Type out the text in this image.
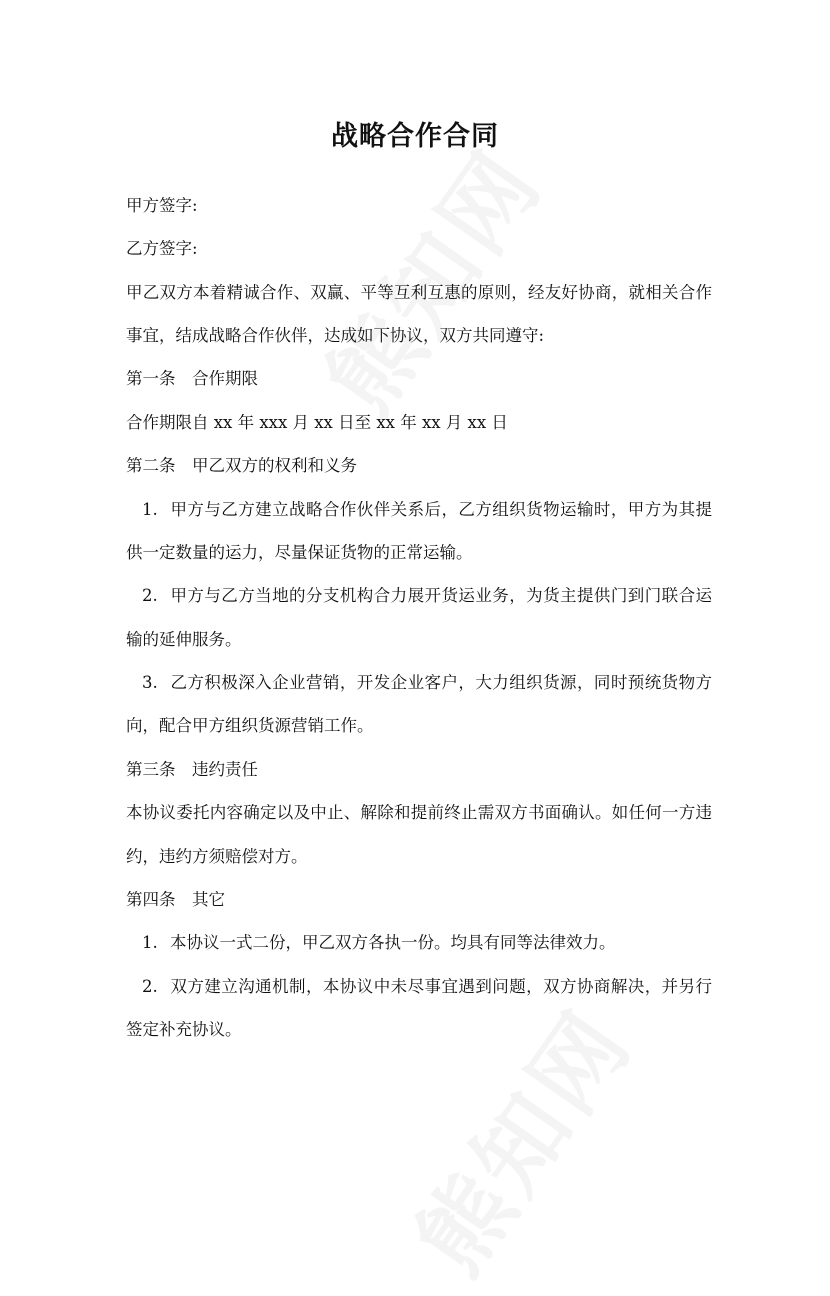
战略合作合同
甲方签字:
乙方签字:
甲乙双方本着精诚合作、双赢、平等互利互惠的原则，经友好协商，就相关合作
事宜，结成战略合作伙伴，达成如下协议，双方共同遵守:
第一条　合作期限
合作期限自 xx 年 xxx 月 xx 日至 xx 年 xx 月 xx 日
第二条　甲乙双方的权利和义务
1. 甲方与乙方建立战略合作伙伴关系后，乙方组织货物运输时，甲方为其提
供一定数量的运力，尽量保证货物的正常运输。
2. 甲方与乙方当地的分支机构合力展开货运业务，为货主提供门到门联合运
输的延伸服务。
3. 乙方积极深入企业营销，开发企业客户，大力组织货源，同时预统货物方
向，配合甲方组织货源营销工作。
第三条　违约责任
本协议委托内容确定以及中止、解除和提前终止需双方书面确认。如任何一方违
约，违约方须赔偿对方。
第四条　其它
1. 本协议一式二份，甲乙双方各执一份。均具有同等法律效力。
2. 双方建立沟通机制，本协议中未尽事宜遇到问题，双方协商解决，并另行
签定补充协议。
